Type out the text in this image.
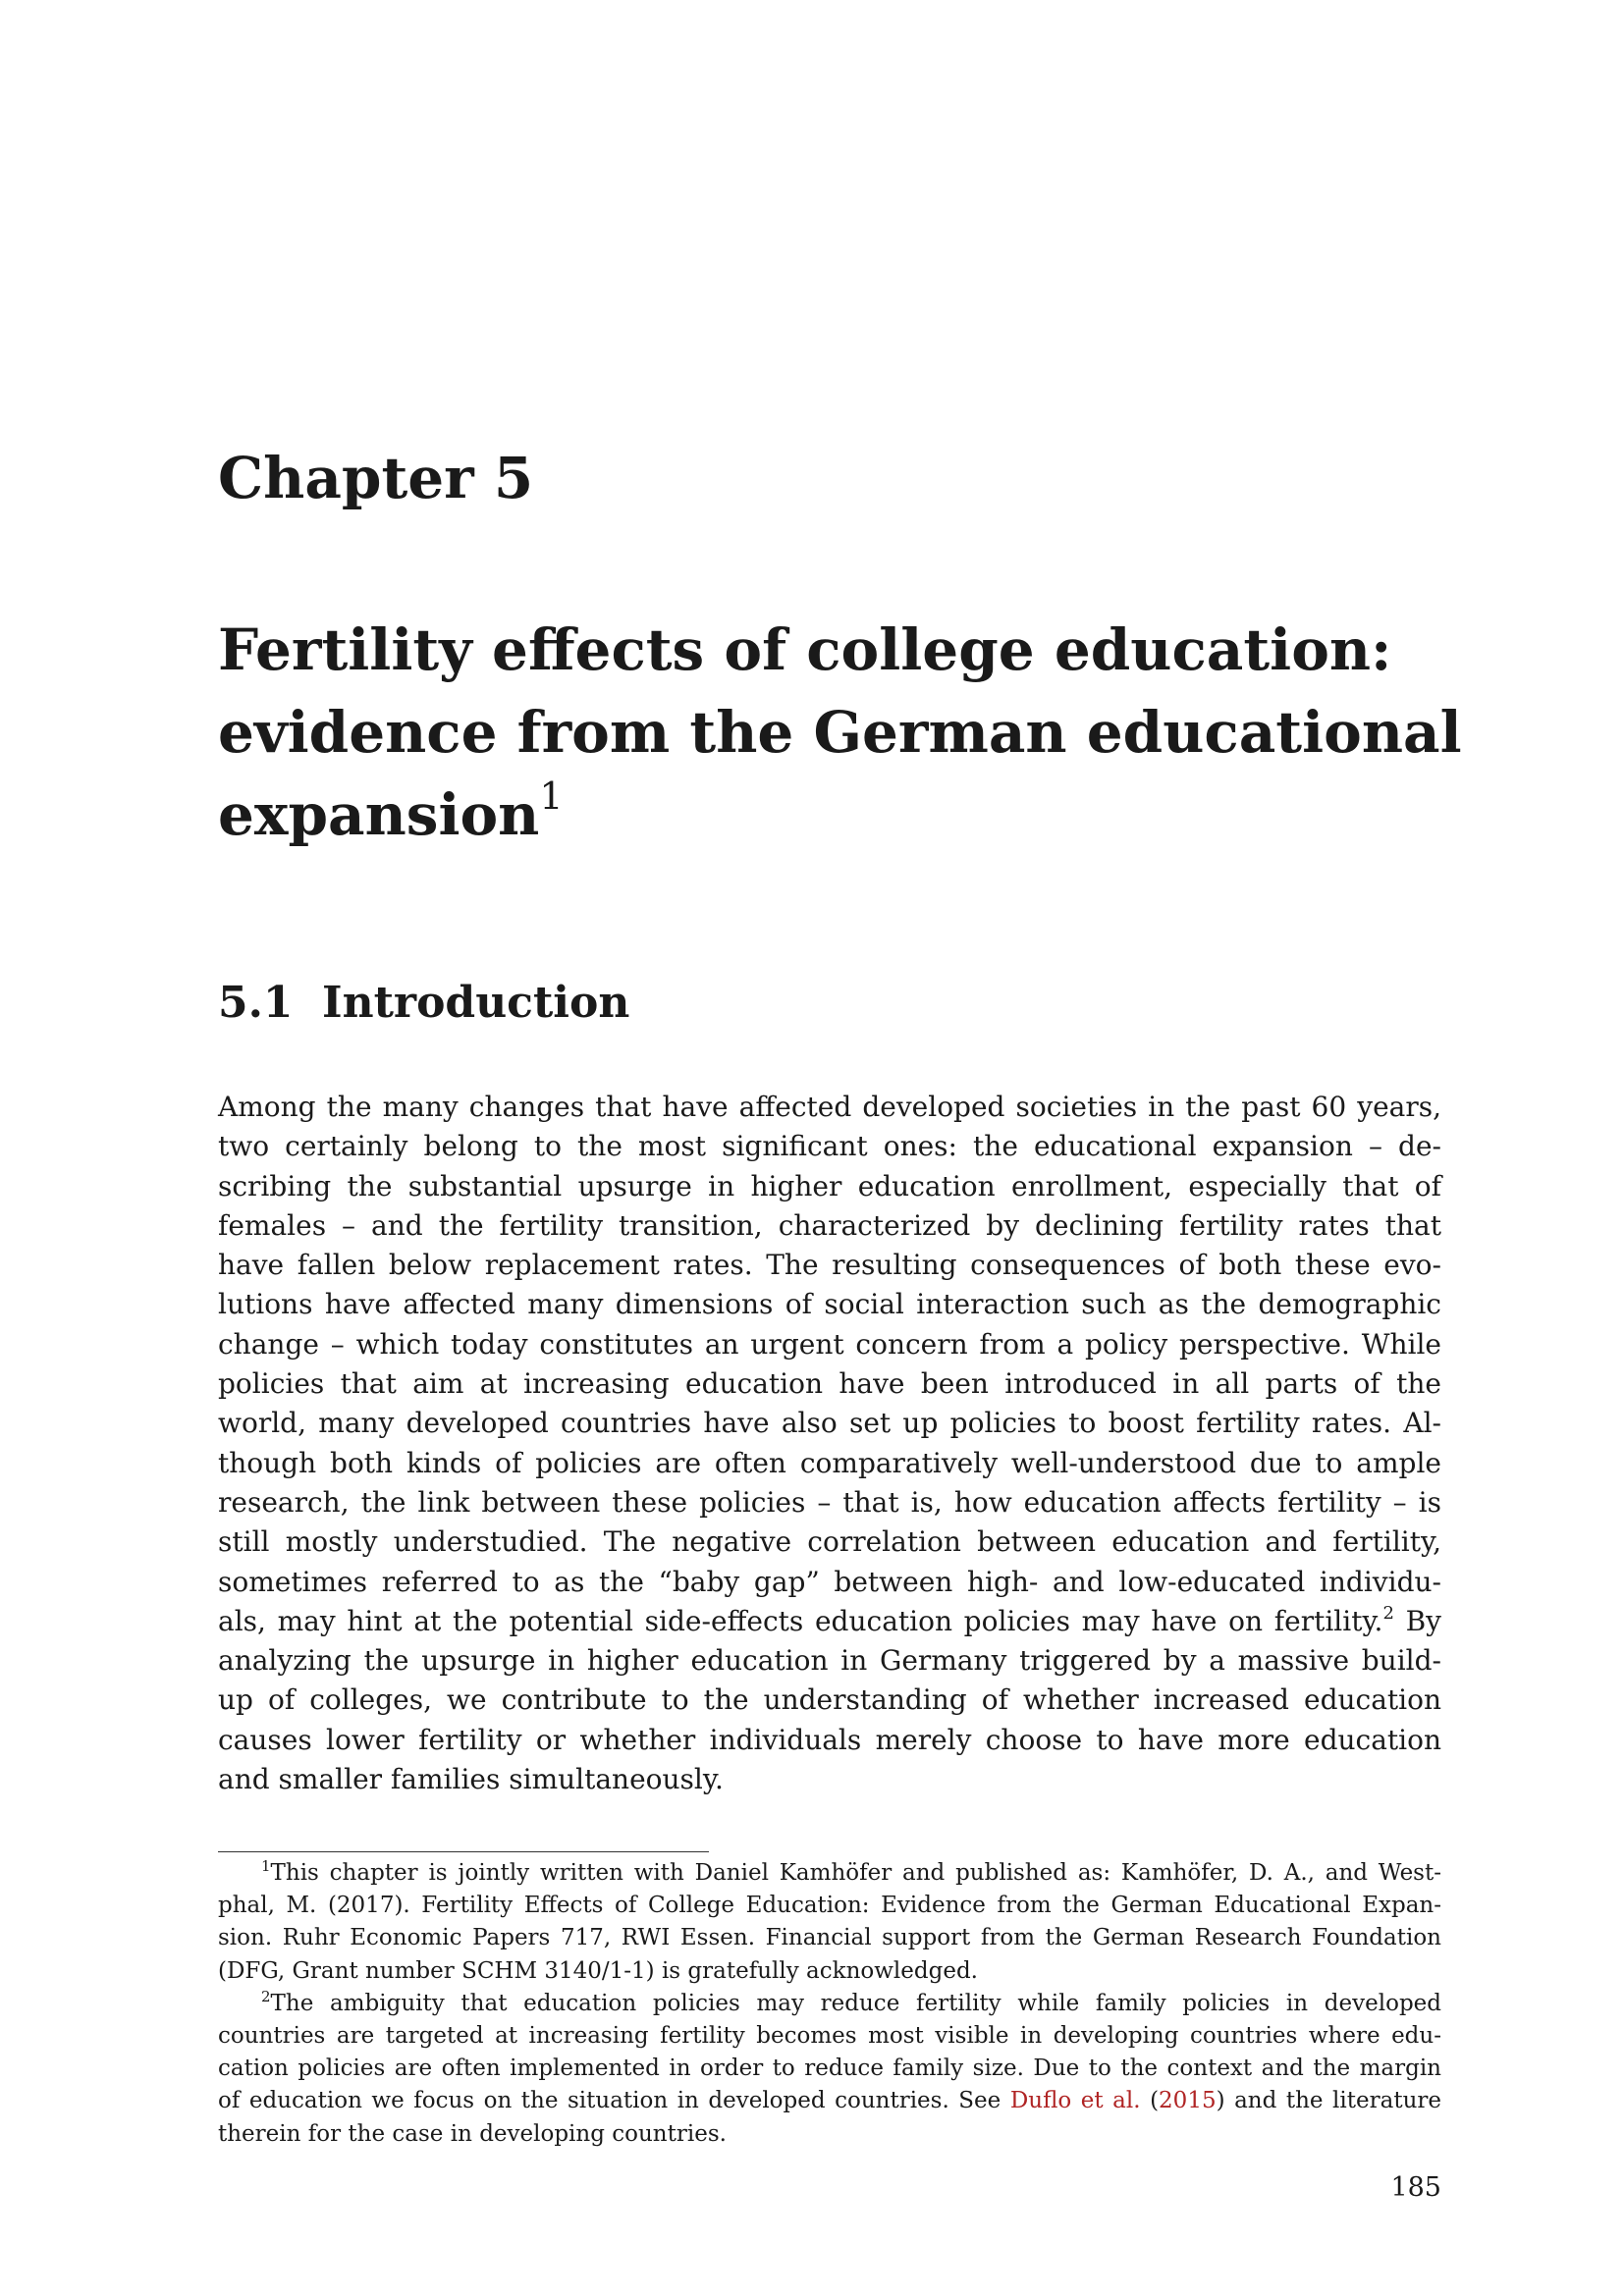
Chapter 5
Fertility effects of college education:
evidence from the German educational
expansion$^1$
5.1 Introduction
Among the many changes that have affected developed societies in the past 60 years,
two certainly belong to the most significant ones: the educational expansion – de-
scribing the substantial upsurge in higher education enrollment, especially that of
females – and the fertility transition, characterized by declining fertility rates that
have fallen below replacement rates. The resulting consequences of both these evo-
lutions have affected many dimensions of social interaction such as the demographic
change – which today constitutes an urgent concern from a policy perspective. While
policies that aim at increasing education have been introduced in all parts of the
world, many developed countries have also set up policies to boost fertility rates. Al-
though both kinds of policies are often comparatively well-understood due to ample
research, the link between these policies – that is, how education affects fertility – is
still mostly understudied. The negative correlation between education and fertility,
sometimes referred to as the “baby gap” between high- and low-educated individu-
als, may hint at the potential side-effects education policies may have on fertility.$^2$ By
analyzing the upsurge in higher education in Germany triggered by a massive build-
up of colleges, we contribute to the understanding of whether increased education
causes lower fertility or whether individuals merely choose to have more education
and smaller families simultaneously.
$^1$This chapter is jointly written with Daniel Kamhöfer and published as: Kamhöfer, D. A., and West-
phal, M. (2017). Fertility Effects of College Education: Evidence from the German Educational Expan-
sion. Ruhr Economic Papers 717, RWI Essen. Financial support from the German Research Foundation
(DFG, Grant number SCHM 3140/1-1) is gratefully acknowledged.
$^2$The ambiguity that education policies may reduce fertility while family policies in developed
countries are targeted at increasing fertility becomes most visible in developing countries where edu-
cation policies are often implemented in order to reduce family size. Due to the context and the margin
of education we focus on the situation in developed countries. See Duflo et al. (2015) and the literature
therein for the case in developing countries.
185
